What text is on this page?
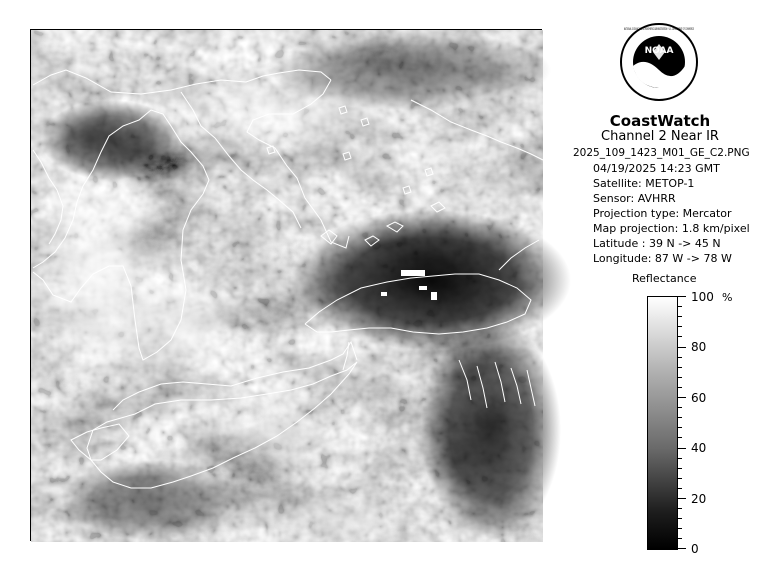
NOAA
NATIONAL OCEANIC AND ATMOSPHERIC ADMINISTRATION · U.S. DEPARTMENT OF COMMERCE
CoastWatch
Channel 2 Near IR
2025_109_1423_M01_GE_C2.PNG
04/19/2025 14:23 GMT
Satellite: METOP-1
Sensor: AVHRR
Projection type: Mercator
Map projection: 1.8 km/pixel
Latitude : 39 N -> 45 N
Longitude: 87 W -> 78 W
Reflectance
%
100
80
60
40
20
0
